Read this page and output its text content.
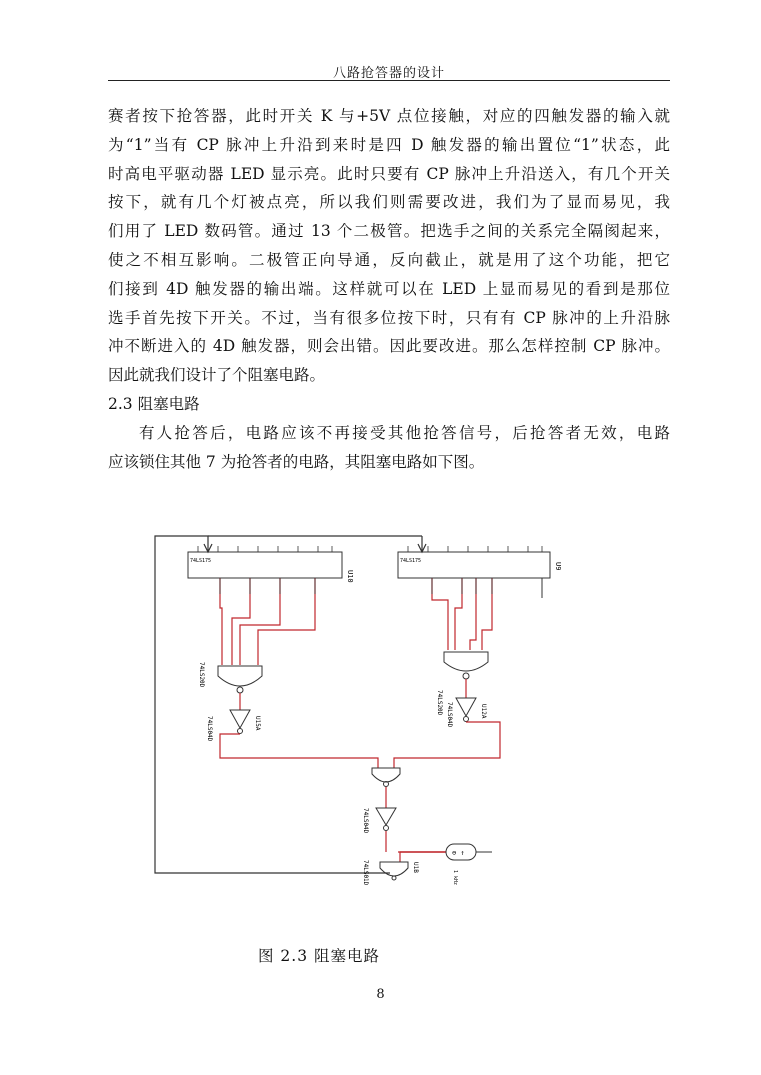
八路抢答器的设计

赛者按下抢答器，此时开关 K 与+5V 点位接触，对应的四触发器的输入就

为“1”当有 CP 脉冲上升沿到来时是四 D 触发器的输出置位“1”状态，此

时高电平驱动器 LED 显示亮。此时只要有 CP 脉冲上升沿送入，有几个开关

按下，就有几个灯被点亮，所以我们则需要改进，我们为了显而易见，我

们用了 LED 数码管。通过 13 个二极管。把选手之间的关系完全隔阂起来，

使之不相互影响。二极管正向导通，反向截止，就是用了这个功能，把它

们接到 4D 触发器的输出端。这样就可以在 LED 上显而易见的看到是那位

选手首先按下开关。不过，当有很多位按下时，只有有 CP 脉冲的上升沿脉

冲不断进入的 4D 触发器，则会出错。因此要改进。那么怎样控制 CP 脉冲。

因此就我们设计了个阻塞电路。

2.3 阻塞电路

有人抢答后，电路应该不再接受其他抢答信号，后抢答者无效，电路

应该锁住其他 7 为抢答者的电路，其阻塞电路如下图。

U10
74LS175
U9
74LS175
74LS20D
74LS20D
74LS04D	U15A	74LS04D	U12A
74LS04D
⊖ ↑
1 kHz
74LS01D	U1B
图 2.3 阻塞电路
8
